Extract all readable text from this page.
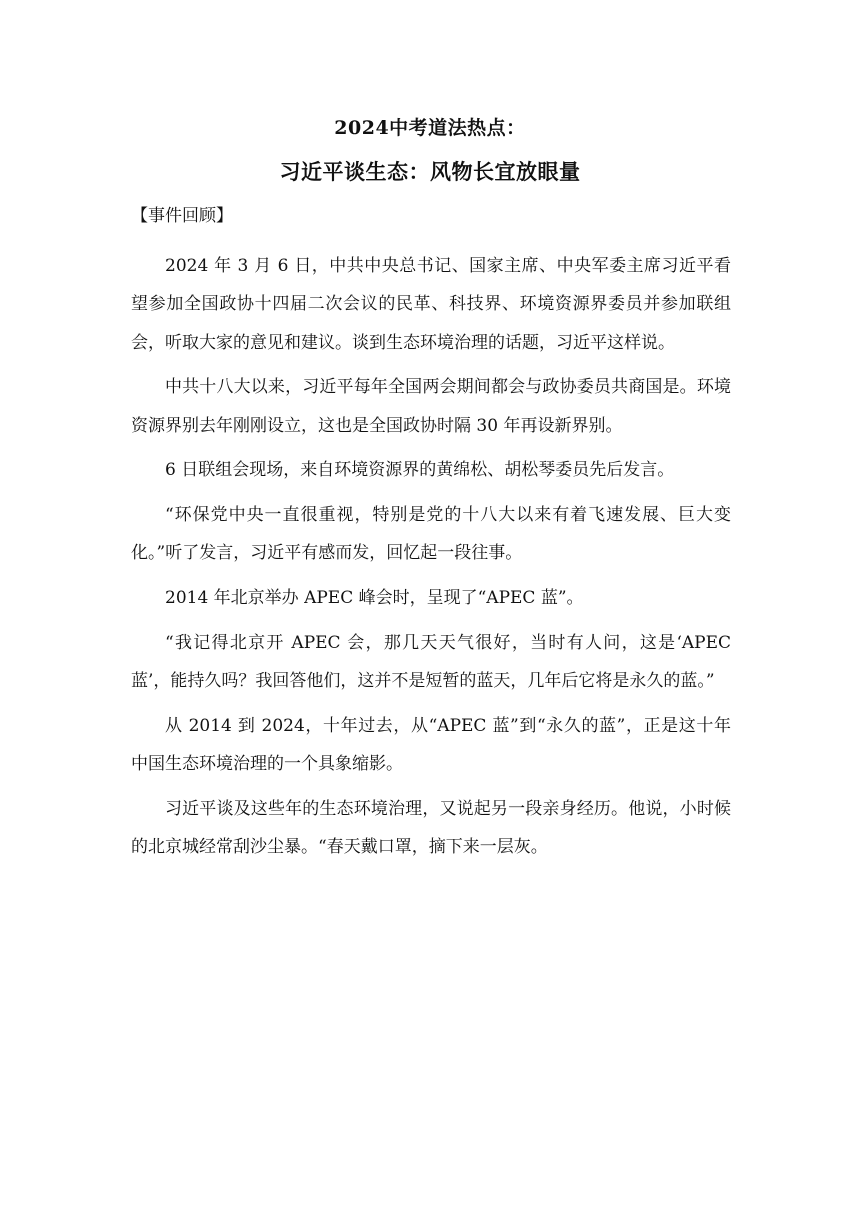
2024中考道法热点：
习近平谈生态：风物长宜放眼量
【事件回顾】

2024 年 3 月 6 日，中共中央总书记、国家主席、中央军委主席习近平看望参加全国政协十四届二次会议的民革、科技界、环境资源界委员并参加联组会，听取大家的意见和建议。谈到生态环境治理的话题，习近平这样说。

中共十八大以来，习近平每年全国两会期间都会与政协委员共商国是。环境资源界别去年刚刚设立，这也是全国政协时隔 30 年再设新界别。

6 日联组会现场，来自环境资源界的黄绵松、胡松琴委员先后发言。

“环保党中央一直很重视，特别是党的十八大以来有着飞速发展、巨大变化。”听了发言，习近平有感而发，回忆起一段往事。

2014 年北京举办 APEC 峰会时，呈现了“APEC 蓝”。

“我记得北京开 APEC 会，那几天天气很好，当时有人问，这是‘APEC 蓝’，能持久吗？我回答他们，这并不是短暂的蓝天，几年后它将是永久的蓝。”

从 2014 到 2024，十年过去，从“APEC 蓝”到“永久的蓝”，正是这十年中国生态环境治理的一个具象缩影。

习近平谈及这些年的生态环境治理，又说起另一段亲身经历。他说，小时候的北京城经常刮沙尘暴。“春天戴口罩，摘下来一层灰。
